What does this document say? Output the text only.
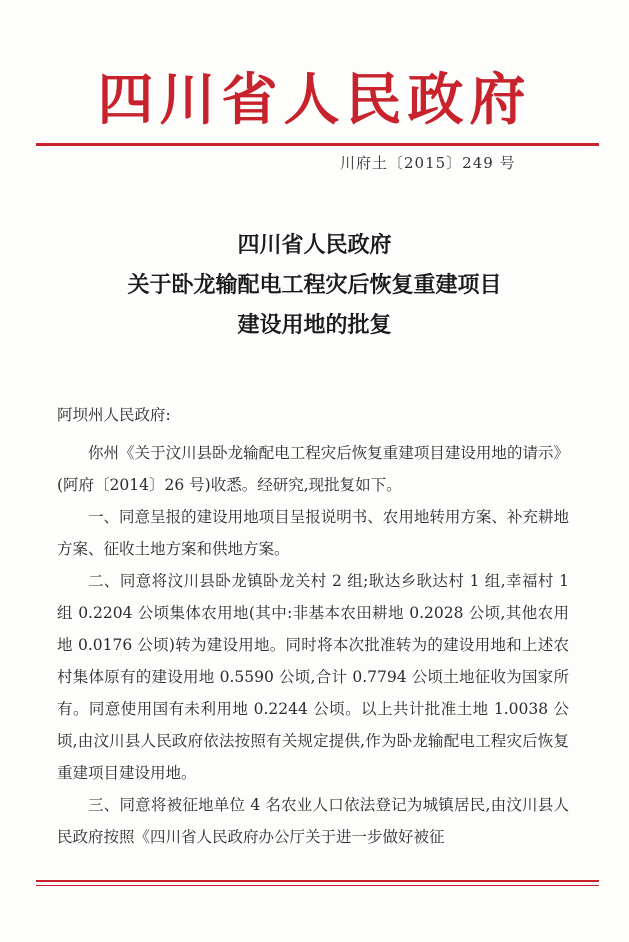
四川省人民政府
川府土〔2015〕249 号
四川省人民政府
关于卧龙输配电工程灾后恢复重建项目
建设用地的批复

阿坝州人民政府:

你州《关于汶川县卧龙输配电工程灾后恢复重建项目建设用地的请示》(阿府〔2014〕26 号)收悉。经研究,现批复如下。

一、同意呈报的建设用地项目呈报说明书、农用地转用方案、补充耕地方案、征收土地方案和供地方案。

二、同意将汶川县卧龙镇卧龙关村 2 组;耿达乡耿达村 1 组,幸福村 1 组 0.2204 公顷集体农用地(其中:非基本农田耕地 0.2028 公顷,其他农用地 0.0176 公顷)转为建设用地。同时将本次批准转为的建设用地和上述农村集体原有的建设用地 0.5590 公顷,合计 0.7794 公顷土地征收为国家所有。同意使用国有未利用地 0.2244 公顷。以上共计批准土地 1.0038 公顷,由汶川县人民政府依法按照有关规定提供,作为卧龙输配电工程灾后恢复重建项目建设用地。

三、同意将被征地单位 4 名农业人口依法登记为城镇居民,由汶川县人民政府按照《四川省人民政府办公厅关于进一步做好被征
